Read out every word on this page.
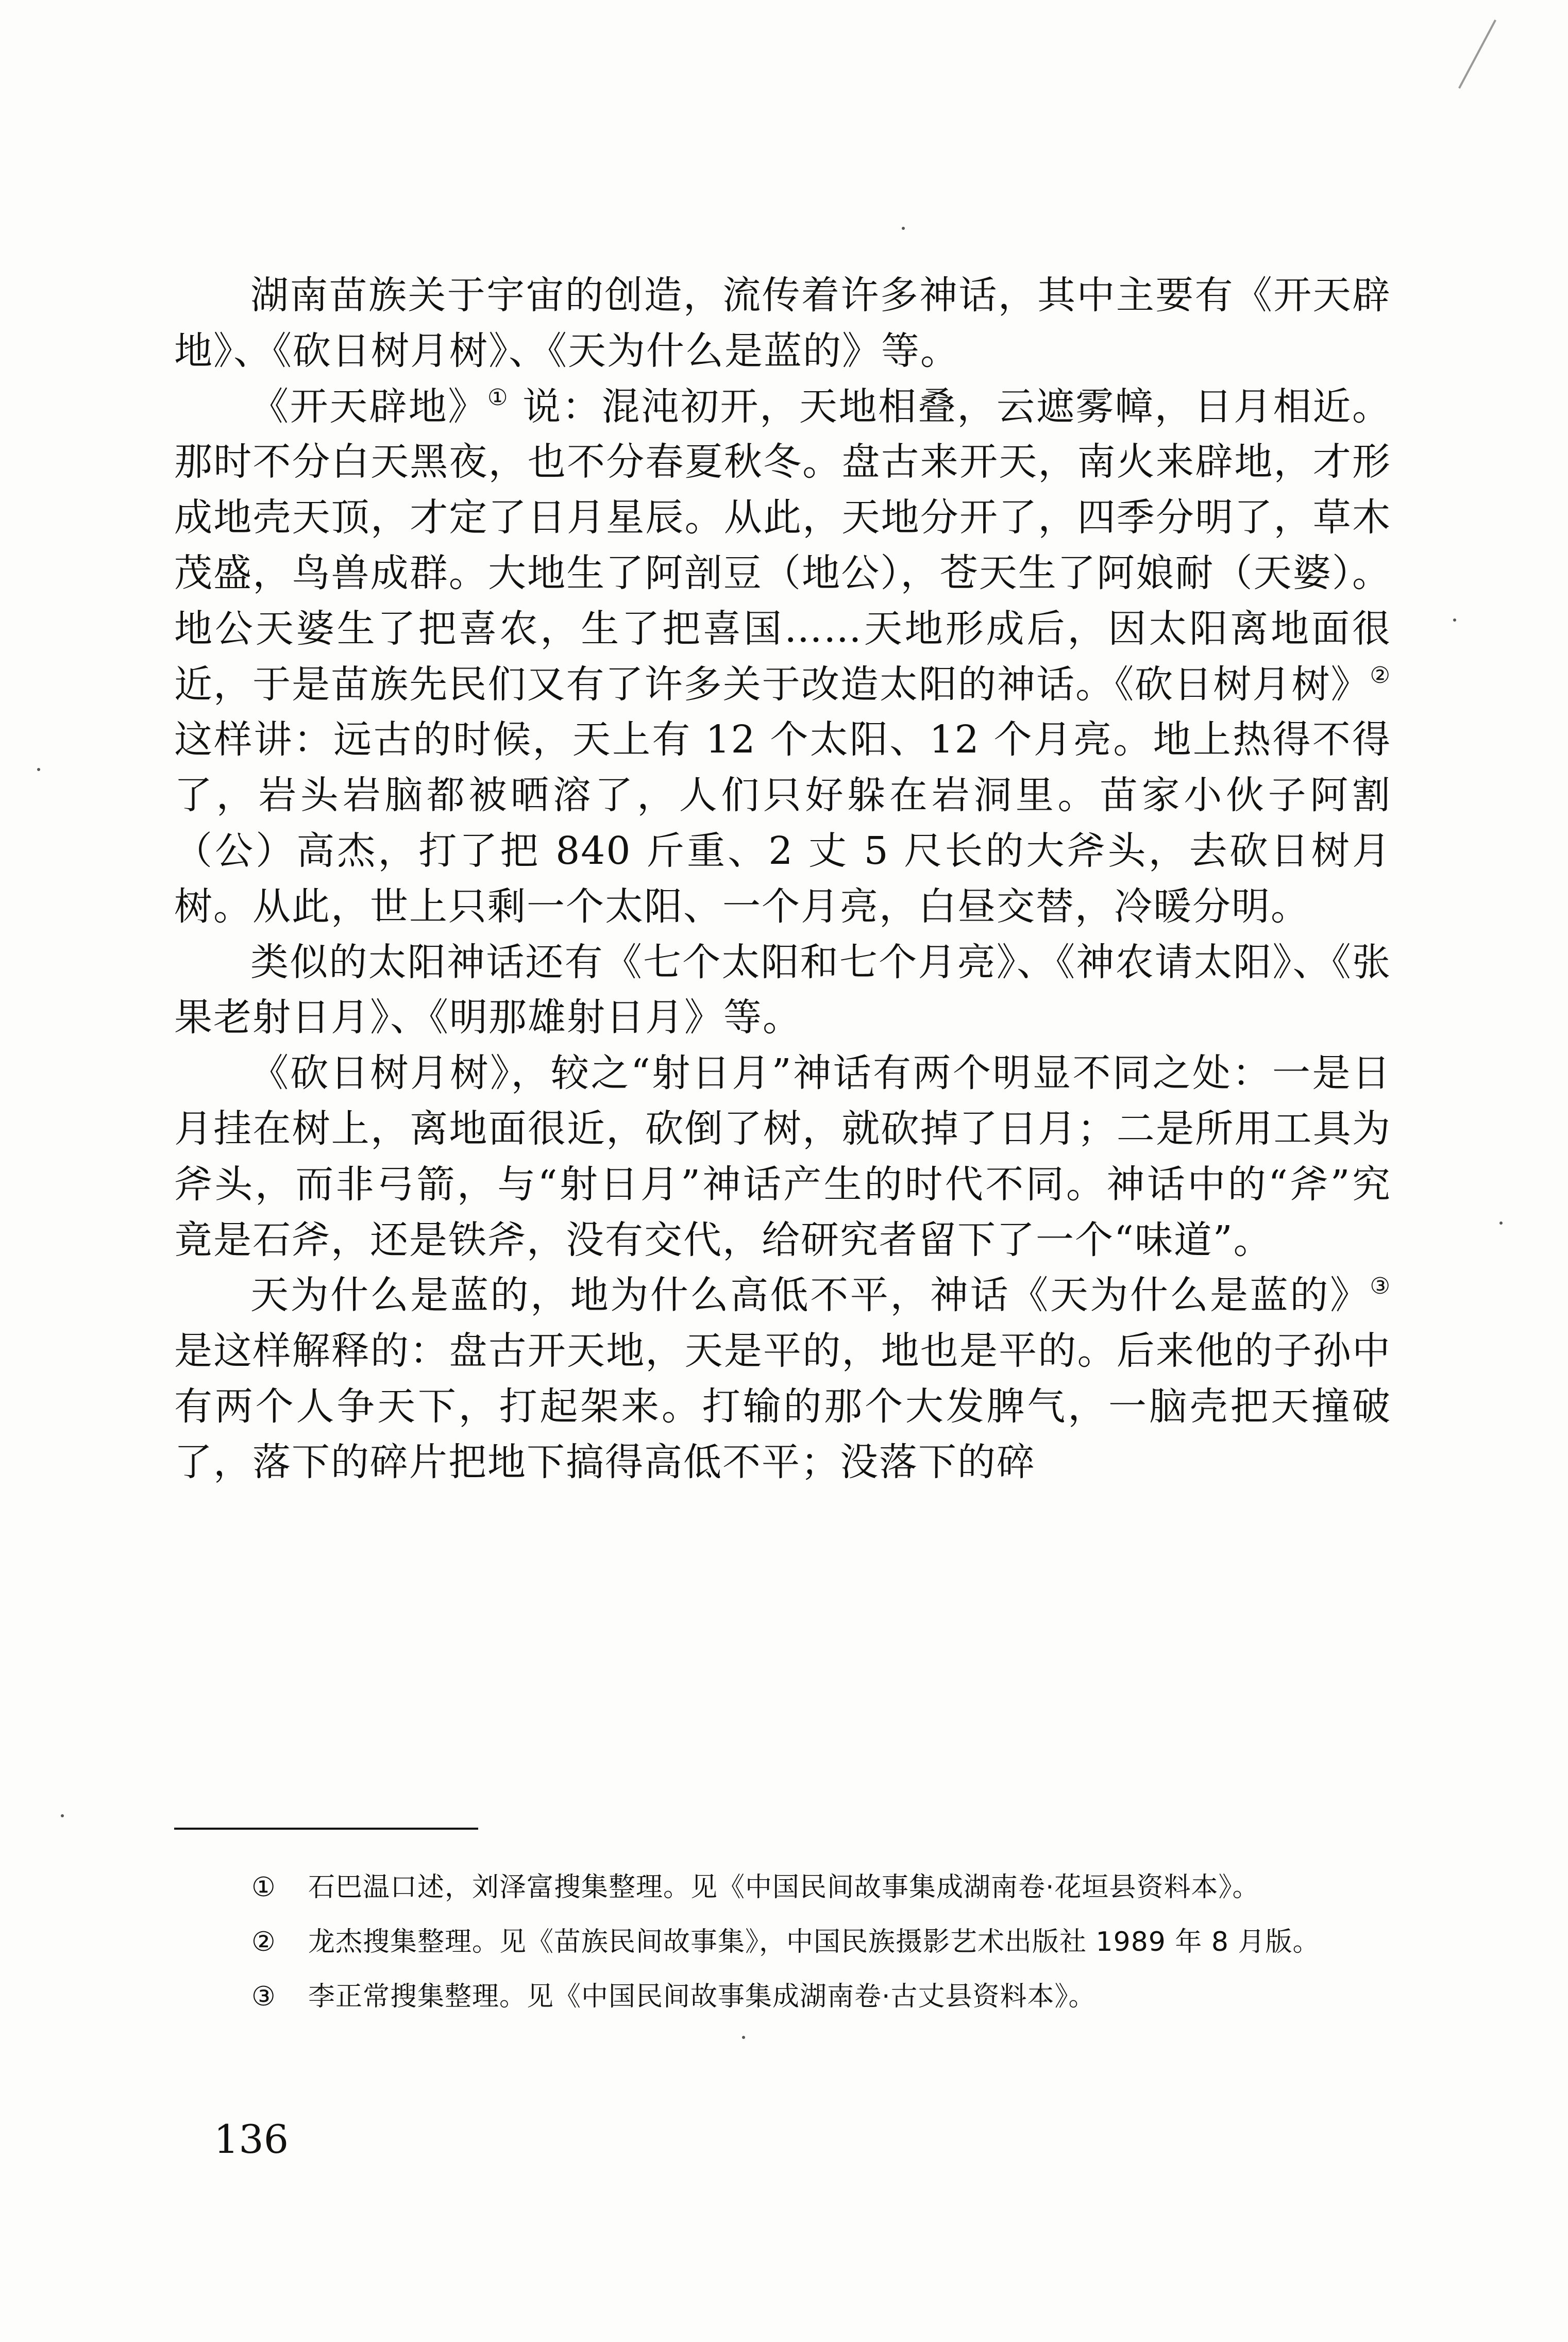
湖南苗族关于宇宙的创造，流传着许多神话，其中主要有《开天辟地》、《砍日树月树》、《天为什么是蓝的》等。

《开天辟地》① 说：混沌初开，天地相叠，云遮雾幛，日月相近。那时不分白天黑夜，也不分春夏秋冬。盘古来开天，南火来辟地，才形成地壳天顶，才定了日月星辰。从此，天地分开了，四季分明了，草木茂盛，鸟兽成群。大地生了阿剖豆（地公），苍天生了阿娘耐（天婆）。地公天婆生了把喜农，生了把喜国……天地形成后，因太阳离地面很近，于是苗族先民们又有了许多关于改造太阳的神话。《砍日树月树》②这样讲：远古的时候，天上有 12 个太阳、12 个月亮。地上热得不得了，岩头岩脑都被晒溶了，人们只好躲在岩洞里。苗家小伙子阿割（公）高杰，打了把 840 斤重、2 丈 5 尺长的大斧头，去砍日树月树。从此，世上只剩一个太阳、一个月亮，白昼交替，冷暖分明。

类似的太阳神话还有《七个太阳和七个月亮》、《神农请太阳》、《张果老射日月》、《明那雄射日月》等。

《砍日树月树》，较之“射日月”神话有两个明显不同之处：一是日月挂在树上，离地面很近，砍倒了树，就砍掉了日月；二是所用工具为斧头，而非弓箭，与“射日月”神话产生的时代不同。神话中的“斧”究竟是石斧，还是铁斧，没有交代，给研究者留下了一个“味道”。

天为什么是蓝的，地为什么高低不平，神话《天为什么是蓝的》③ 是这样解释的：盘古开天地，天是平的，地也是平的。后来他的子孙中有两个人争天下，打起架来。打输的那个大发脾气，一脑壳把天撞破了，落下的碎片把地下搞得高低不平；没落下的碎

① 石巴温口述，刘泽富搜集整理。见《中国民间故事集成湖南卷·花垣县资料本》。

② 龙杰搜集整理。见《苗族民间故事集》，中国民族摄影艺术出版社 1989 年 8 月版。

③ 李正常搜集整理。见《中国民间故事集成湖南卷·古丈县资料本》。

136
